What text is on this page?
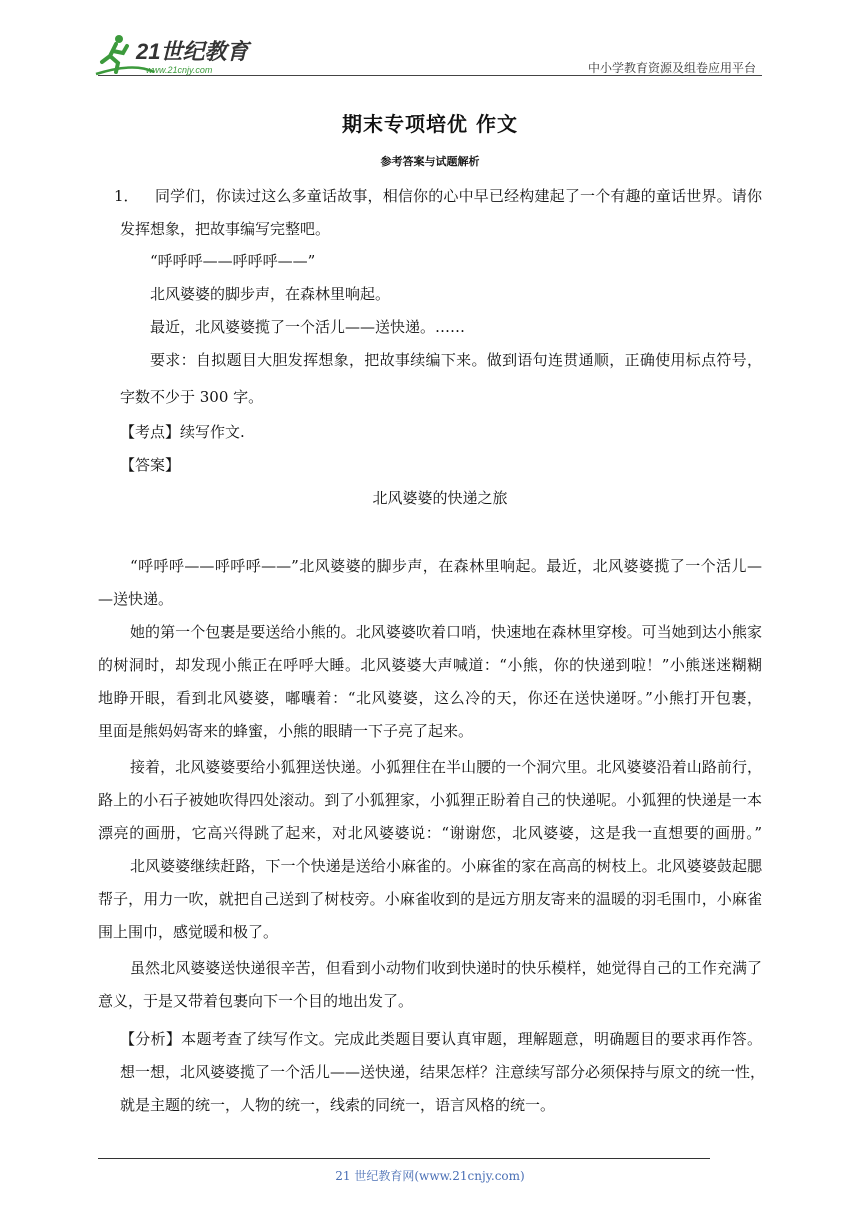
21世纪教育
www.21cnjy.com	中小学教育资源及组卷应用平台
期末专项培优 作文
参考答案与试题解析
1． 同学们，你读过这么多童话故事，相信你的心中早已经构建起了一个有趣的童话世界。请你
发挥想象，把故事编写完整吧。
“呼呼呼——呼呼呼——”
北风婆婆的脚步声，在森林里响起。
最近，北风婆婆揽了一个活儿——送快递。……
要求：自拟题目大胆发挥想象，把故事续编下来。做到语句连贯通顺，正确使用标点符号，
字数不少于 300 字。
【考点】续写作文.
【答案】
北风婆婆的快递之旅
“呼呼呼——呼呼呼——”北风婆婆的脚步声，在森林里响起。最近，北风婆婆揽了一个活儿—
—送快递。
她的第一个包裹是要送给小熊的。北风婆婆吹着口哨，快速地在森林里穿梭。可当她到达小熊家
的树洞时，却发现小熊正在呼呼大睡。北风婆婆大声喊道：“小熊，你的快递到啦！”小熊迷迷糊糊
地睁开眼，看到北风婆婆，嘟囔着：“北风婆婆，这么冷的天，你还在送快递呀。”小熊打开包裹，
里面是熊妈妈寄来的蜂蜜，小熊的眼睛一下子亮了起来。
接着，北风婆婆要给小狐狸送快递。小狐狸住在半山腰的一个洞穴里。北风婆婆沿着山路前行，
路上的小石子被她吹得四处滚动。到了小狐狸家，小狐狸正盼着自己的快递呢。小狐狸的快递是一本
漂亮的画册，它高兴得跳了起来，对北风婆婆说：“谢谢您，北风婆婆，这是我一直想要的画册。”
北风婆婆继续赶路，下一个快递是送给小麻雀的。小麻雀的家在高高的树枝上。北风婆婆鼓起腮
帮子，用力一吹，就把自己送到了树枝旁。小麻雀收到的是远方朋友寄来的温暖的羽毛围巾，小麻雀
围上围巾，感觉暖和极了。
虽然北风婆婆送快递很辛苦，但看到小动物们收到快递时的快乐模样，她觉得自己的工作充满了
意义，于是又带着包裹向下一个目的地出发了。
【分析】本题考查了续写作文。完成此类题目要认真审题，理解题意，明确题目的要求再作答。
想一想，北风婆婆揽了一个活儿——送快递，结果怎样？注意续写部分必须保持与原文的统一性，
就是主题的统一，人物的统一，线索的同统一，语言风格的统一。
21 世纪教育网(www.21cnjy.com)
